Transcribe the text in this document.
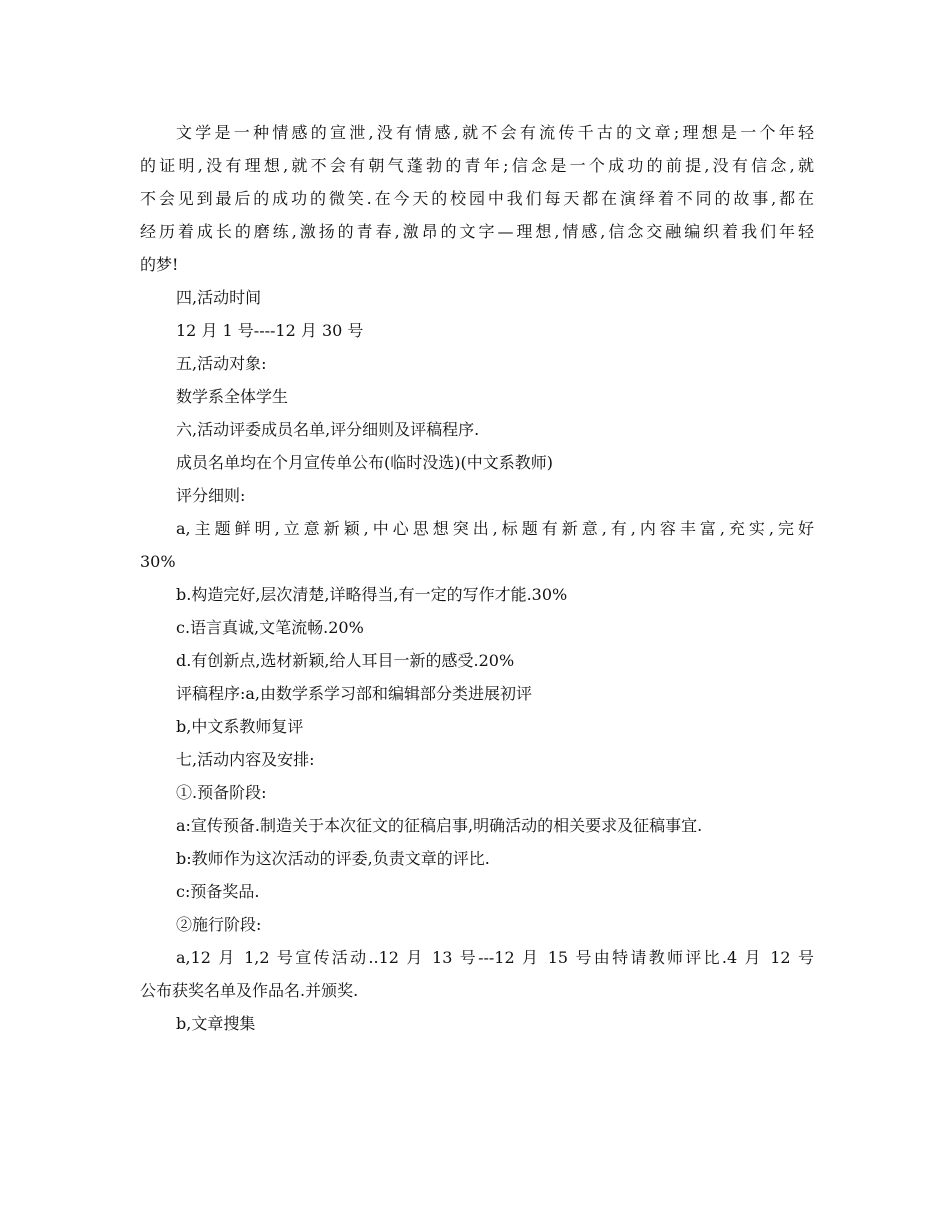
文学是一种情感的宣泄,没有情感,就不会有流传千古的文章;理想是一个年轻
的证明,没有理想,就不会有朝气蓬勃的青年;信念是一个成功的前提,没有信念,就
不会见到最后的成功的微笑.在今天的校园中我们每天都在演绎着不同的故事,都在
经历着成长的磨练,激扬的青春,激昂的文字—理想,情感,信念交融编织着我们年轻
的梦!
四,活动时间
12 月 1 号----12 月 30 号
五,活动对象:
数学系全体学生
六,活动评委成员名单,评分细则及评稿程序.
成员名单均在个月宣传单公布(临时没选)(中文系教师)
评分细则:
a,主题鲜明,立意新颖,中心思想突出,标题有新意,有,内容丰富,充实,完好
30%
b.构造完好,层次清楚,详略得当,有一定的写作才能.30%
c.语言真诚,文笔流畅.20%
d.有创新点,选材新颖,给人耳目一新的感受.20%
评稿程序:a,由数学系学习部和编辑部分类进展初评
b,中文系教师复评
七,活动内容及安排:
①.预备阶段:
a:宣传预备.制造关于本次征文的征稿启事,明确活动的相关要求及征稿事宜.
b:教师作为这次活动的评委,负责文章的评比.
c:预备奖品.
②施行阶段:
a,12 月 1,2 号宣传活动..12 月 13 号---12 月 15 号由特请教师评比.4 月 12 号
公布获奖名单及作品名.并颁奖.
b,文章搜集
